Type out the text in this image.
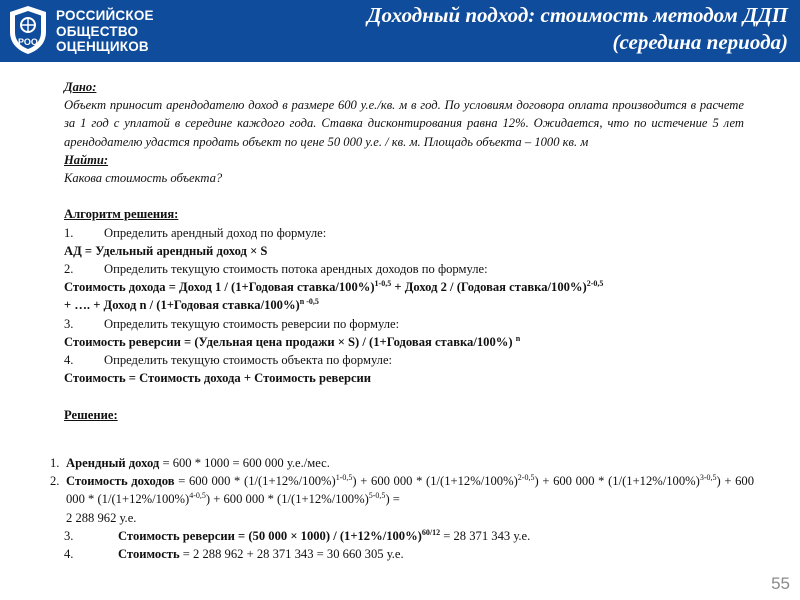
РОО
РОССИЙСКОЕ
ОБЩЕСТВО
ОЦЕНЩИКОВ
Доходный подход: стоимость методом ДДП
(середина периода)
Дано:
Объект приносит арендодателю доход в размере 600 у.е./кв. м в год. По условиям договора оплата производится в расчете за 1 год с уплатой в середине каждого года. Ставка дисконтирования равна 12%. Ожидается, что по истечение 5 лет арендодателю удастся продать объект по цене 50 000 у.е. / кв. м. Площадь объекта – 1000 кв. м
Найти:
Какова стоимость объекта?
Алгоритм решения:
1.	Определить арендный доход по формуле:
АД = Удельный арендный доход × S
2.	Определить текущую стоимость потока арендных доходов по формуле:
Стоимость дохода = Доход 1 / (1+Годовая ставка/100%)$^{1-0,5}$ + Доход 2 / (Годовая ставка/100%)$^{2-0,5}$
+ …. + Доход n / (1+Годовая ставка/100%)$^{n -0,5}$
3.	Определить текущую стоимость реверсии по формуле:
Стоимость реверсии = (Удельная цена продажи × S) / (1+Годовая ставка/100%) $^n$
4.	Определить текущую стоимость объекта по формуле:
Стоимость = Стоимость дохода + Стоимость реверсии
Решение:
1. Арендный доход = 600 * 1000 = 600 000 у.е./мес.
2. Стоимость доходов = 600 $000 * (1/(1+12\%/100\%)^{1-0,5}) + 600$ $000 * (1/(1+12\%/100\%)^{2-0,5}) + 600$ $000 * (1/(1+12\%/100\%)^{3-0,5}) + 600$ $000 * (1/(1+12\%/100\%)^{4-0,5}) + 600$ $000 * (1/(1+12\%/100\%)^{5-0,5})$ =
2 288 962 у.е.
3.	Стоимость реверсии = (50 $000 \times 1000) / (1+12\%/100\%)^{60/12} = 28$ 371 343 у.е.
4.	Стоимость = 2 288 962 + 28 371 343 = 30 660 305 у.е.
55
